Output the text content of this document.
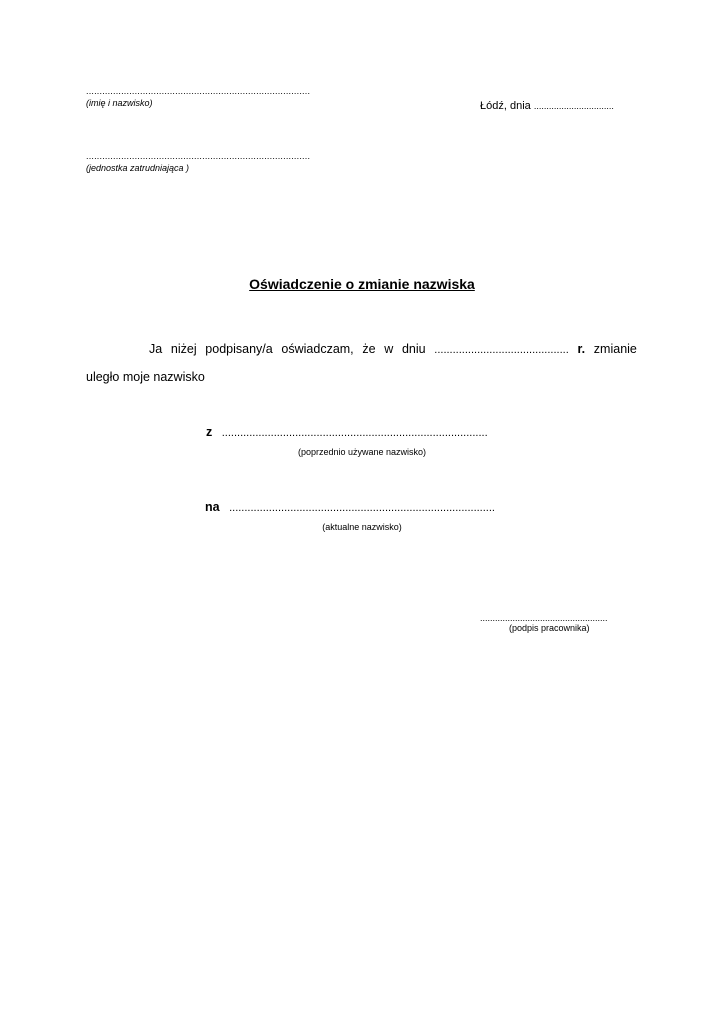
...................................................................................
(imię i nazwisko)	Łódź, dnia ................................
...................................................................................
(jednostka zatrudniająca )
Oświadczenie o zmianie nazwiska
Ja niżej podpisany/a oświadczam, że w dniu ............................................ r. zmianie
uległo moje nazwisko
z .......................................................................................
(poprzednio używane nazwisko)
na .......................................................................................
(aktualne nazwisko)
...................................................
(podpis pracownika)
